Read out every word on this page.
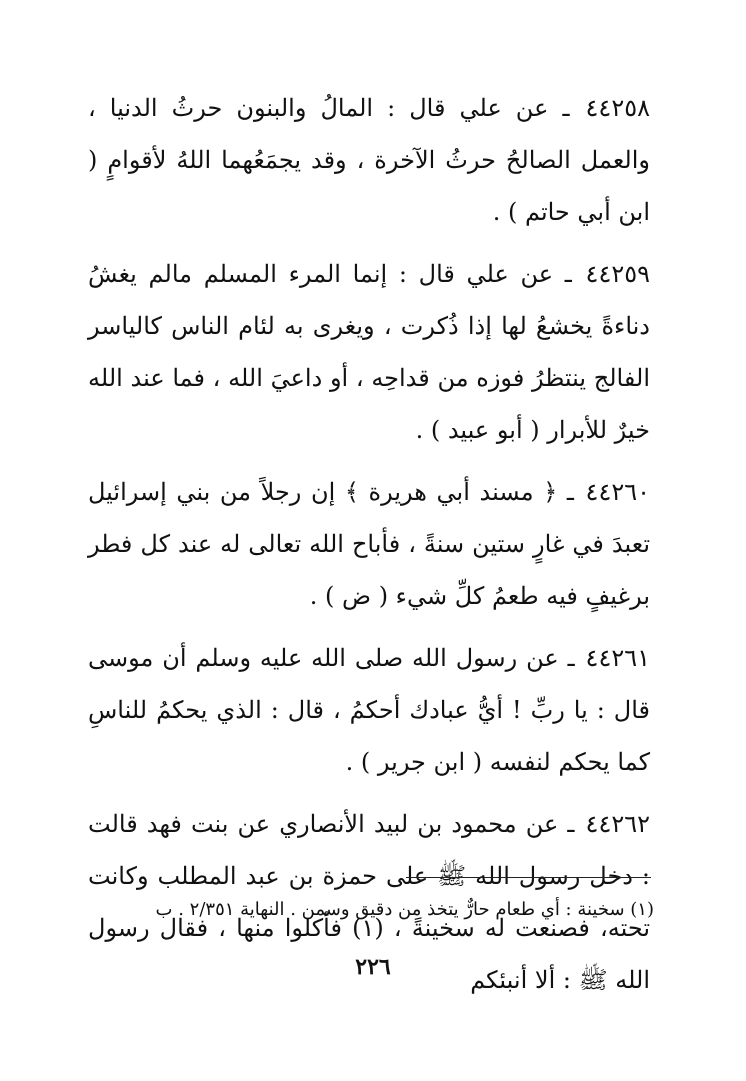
٤٤٢٥٨ ـ عن علي قال : المالُ والبنون حرثُ الدنيا ، والعمل الصالحُ حرثُ الآخرة ، وقد يجمَعُهما اللهُ لأقوامٍ ( ابن أبي حاتم ) .

٤٤٢٥٩ ـ عن علي قال : إنما المرء المسلم مالم يغشُ دناءةً يخشعُ لها إذا ذُكرت ، ويغرى به لئام الناس كالياسر الفالج ينتظرُ فوزه من قداحِه ، أو داعيَ الله ، فما عند الله خيرٌ للأبرار ( أبو عبيد ) .

٤٤٢٦٠ ـ ﴿ مسند أبي هريرة ﴾ إن رجلاً من بني إسرائيل تعبدَ في غارٍ ستين سنةً ، فأباح الله تعالى له عند كل فطر برغيفٍ فيه طعمُ كلِّ شيء ( ض ) .

٤٤٢٦١ ـ عن رسول الله صلى الله عليه وسلم أن موسى قال : يا ربِّ ! أيُّ عبادك أحكمُ ، قال : الذي يحكمُ للناسِ كما يحكم لنفسه ( ابن جرير ) .

٤٤٢٦٢ ـ عن محمود بن لبيد الأنصاري عن بنت فهد قالت : دخل رسول الله ﷺ على حمزة بن عبد المطلب وكانت تحته، فصنعت له سخينةً ، (١) فأكلوا منها ، فقال رسول الله ﷺ : ألا أنبئكم

(١) سخينة : أي طعام حارٌّ يتخذ من دقيق وسمن . النهاية ٢/٣٥١ . ب
٢٢٦
